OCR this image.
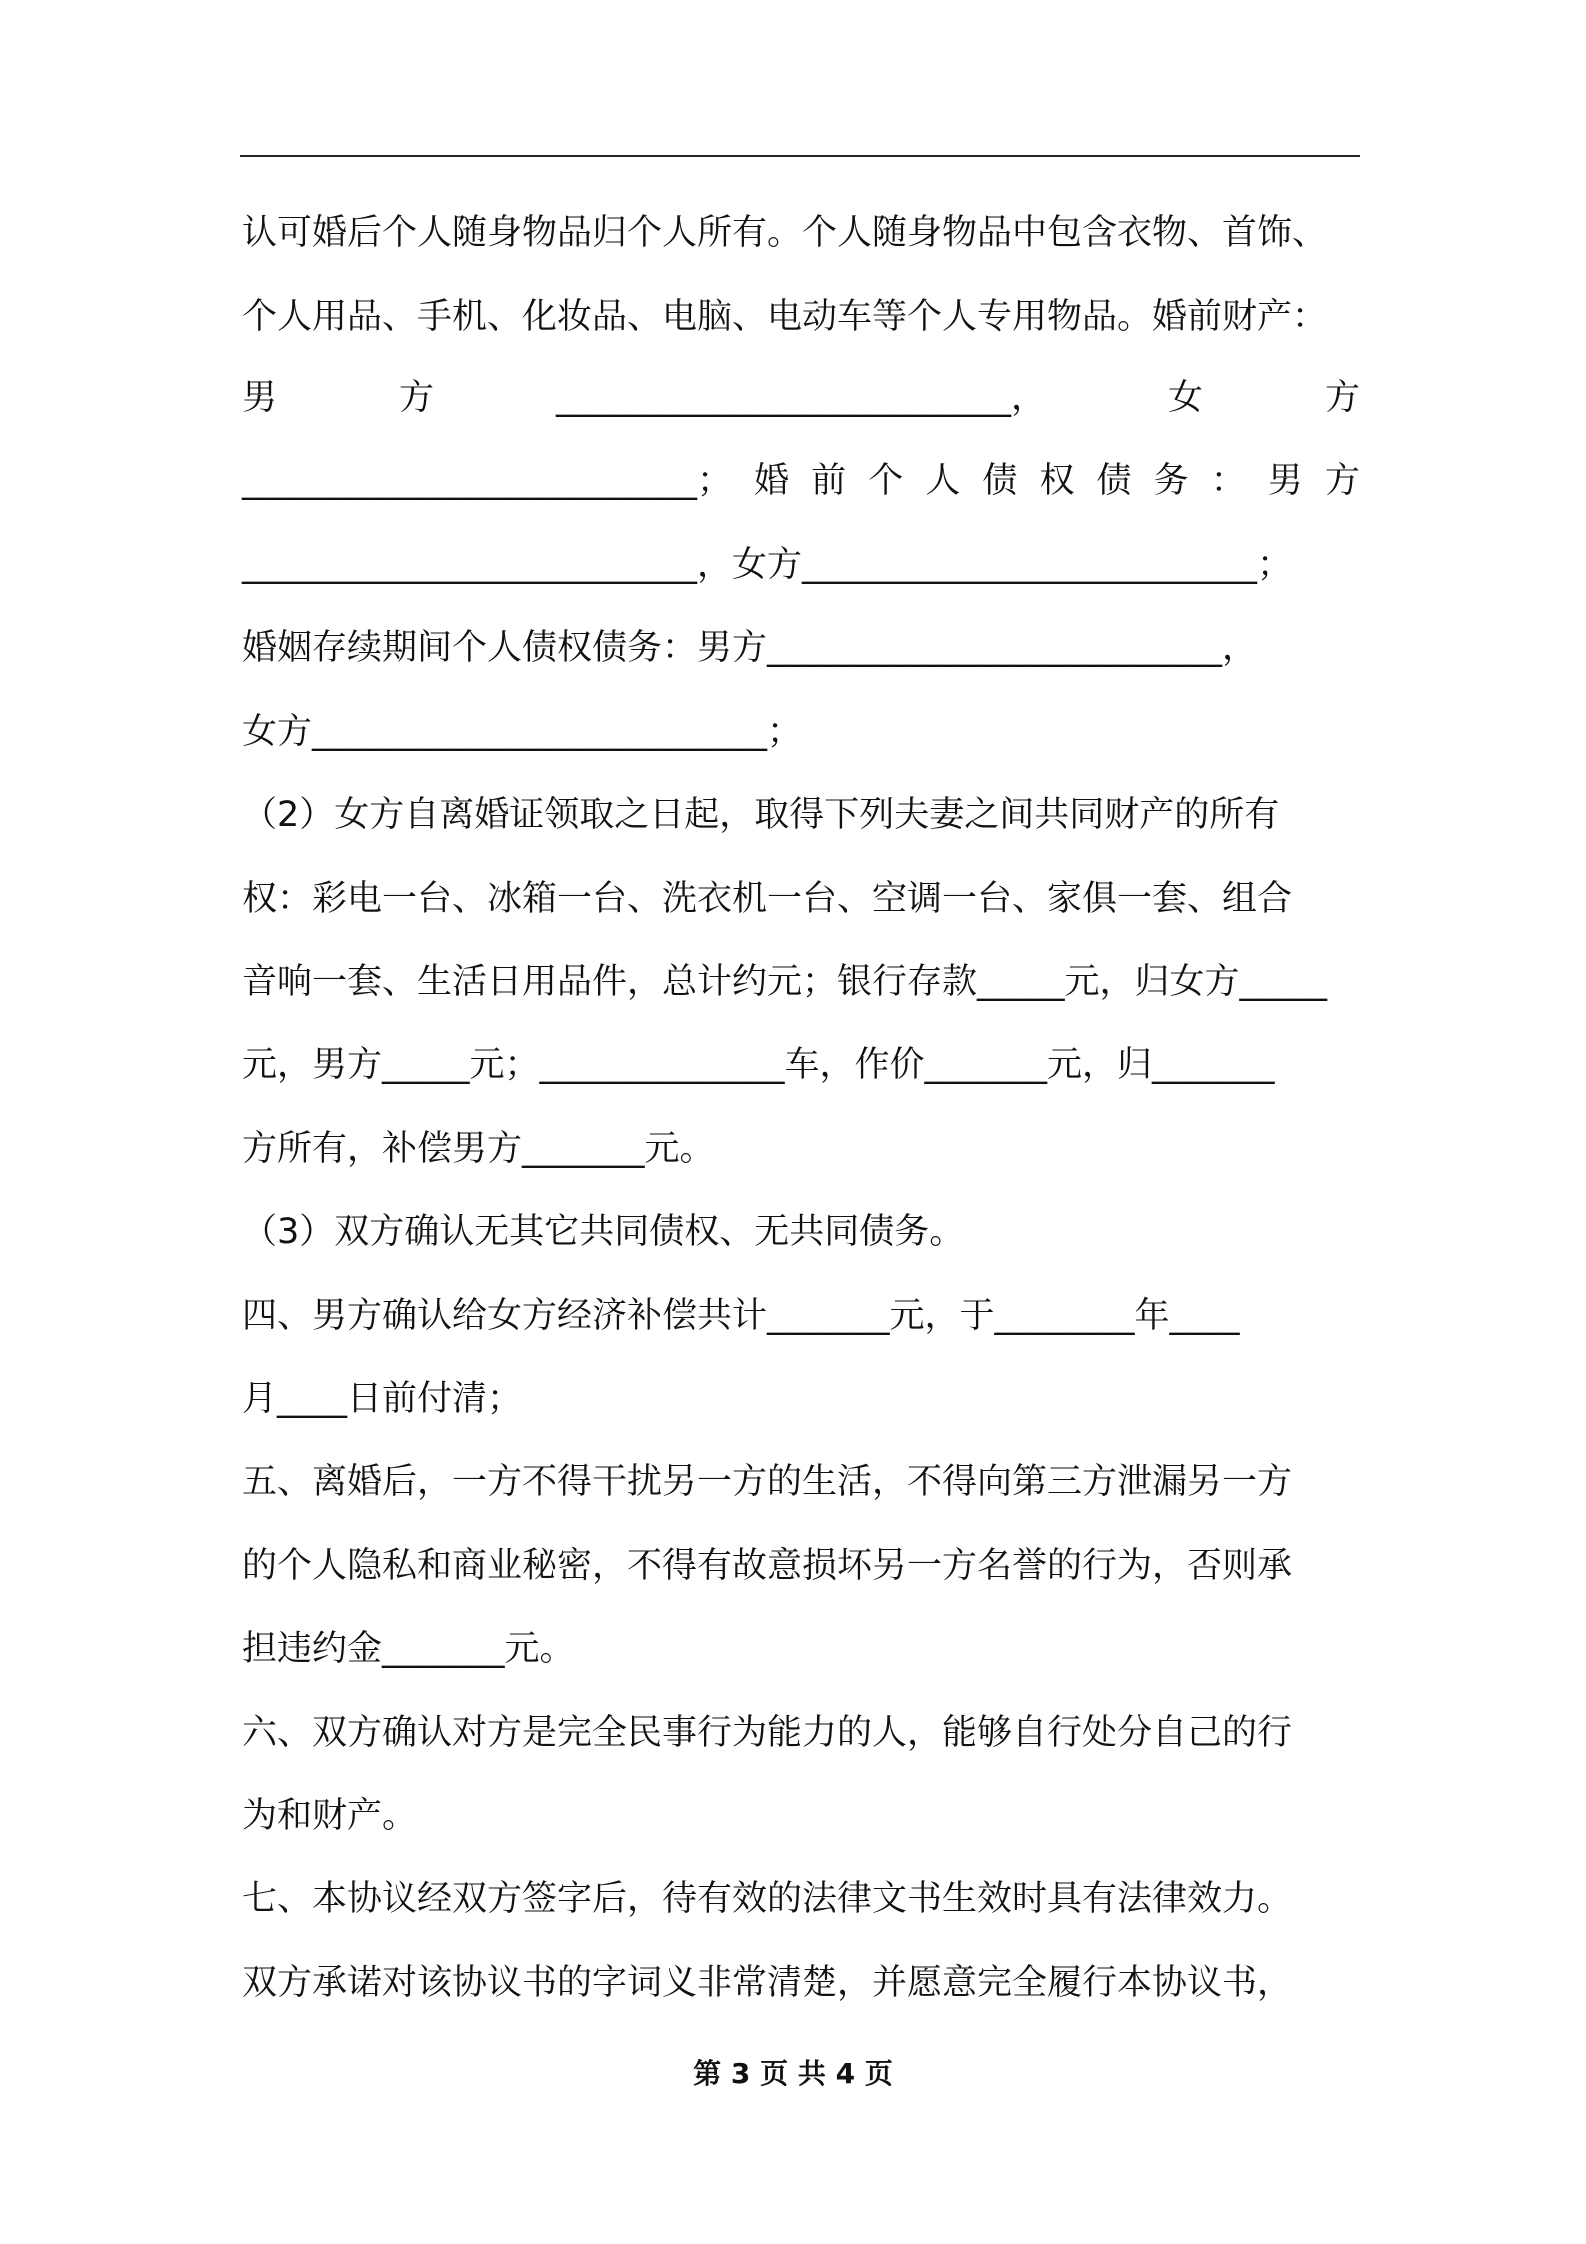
认可婚后个人随身物品归个人所有。个人随身物品中包含衣物、首饰、
个人用品、手机、化妆品、电脑、电动车等个人专用物品。婚前财产：
男	方	__________________________，	女	方
__________________________； 婚 前 个 人 债 权 债 务 ： 男 方
__________________________，女方__________________________；
婚姻存续期间个人债权债务：男方__________________________，
女方__________________________；
（2）女方自离婚证领取之日起，取得下列夫妻之间共同财产的所有
权：彩电一台、冰箱一台、洗衣机一台、空调一台、家俱一套、组合
音响一套、生活日用品件，总计约元；银行存款_____元，归女方_____
元，男方_____元；______________车，作价_______元，归_______
方所有，补偿男方_______元。
（3）双方确认无其它共同债权、无共同债务。
四、男方确认给女方经济补偿共计_______元，于________年____
月____日前付清；
五、离婚后，一方不得干扰另一方的生活，不得向第三方泄漏另一方
的个人隐私和商业秘密，不得有故意损坏另一方名誉的行为，否则承
担违约金_______元。
六、双方确认对方是完全民事行为能力的人，能够自行处分自己的行
为和财产。
七、本协议经双方签字后，待有效的法律文书生效时具有法律效力。
双方承诺对该协议书的字词义非常清楚，并愿意完全履行本协议书，
第 3 页 共 4 页
